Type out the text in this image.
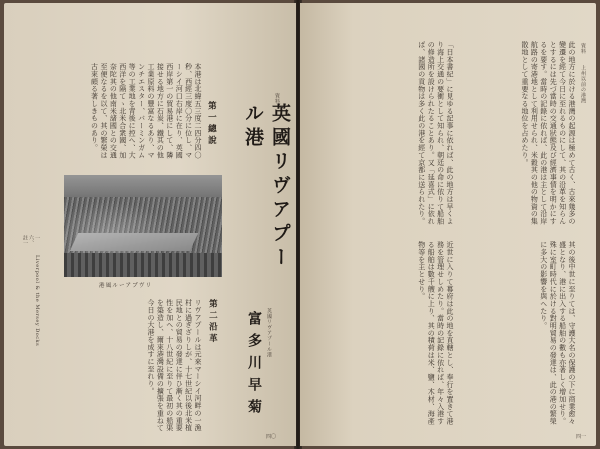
資料
英國リヴアプール港
第一總說
本港は北緯五三度二四分四〇秒、西經三度〇分に位し、マーシイ河口右岸に在り、英國西岸第一の貿易港にして、隣接せる地方に石炭、鐵其の他工業原料の豐富なるあり、マンチエスター、バーミンガム等の工業地を背後に控へ、大西洋を隔てゝ北米合衆國、加奈陀其の他南米諸國との交通至便なるを以て、其の繁榮は古來頗る著しきものあり。
港風ルーアプヴリ
一六、註一
Liverpool & the Mersey Docks
英國リヴアプール港
富多川早菊
第二沿革
リヴアプールは元來マーシイ河畔の一漁村に過ぎざりしが、十七世紀以後北米植民地との貿易の發達に伴ひ漸く其の重要性を加へ、十八世紀に至りて最初の船渠を築造し、爾來港灣設備の擴張を重ねて今日の大港を成すに至れり。
四〇
資料
上州以前の港灣
此の地方に於ける港灣の起源は極めて古く、古來幾多の變遷を經て今日に至れるものにして、其の沿革を知らんとするには先づ當時の交通狀態及び經濟事情を明かにするを要す。當時の記錄に依れば、此の港は主として沿岸航路の寄港地として利用せられ、米穀其の他の物資の集散地として重要なる地位を占めたり。
「日本書紀」に見ゆる記事に依れば、此の地方は早くより海上交通の要衝として知られ、朝廷の命に依りて船舶の修造所を設けられたることあり。又「延喜式」に依れば、諸國の貢物は多く此の港を經て京都に送られたり。
其の後中世に至りては、守護大名の保護の下に商業愈々盛となり、港に出入する船舶の數も亦著しく增加せり。殊に室町時代に於ける對明貿易の發達は、此の港の繁榮に多大の影響を與へたり。
近世に入りて幕府は此の地を直轄とし、奉行を置きて港務を管理せしめたり。當時の記錄に依れば、年々入港する船舶は數千艘に上り、其の積荷は米、鹽、木材、海產物等を主とせり。
四一
